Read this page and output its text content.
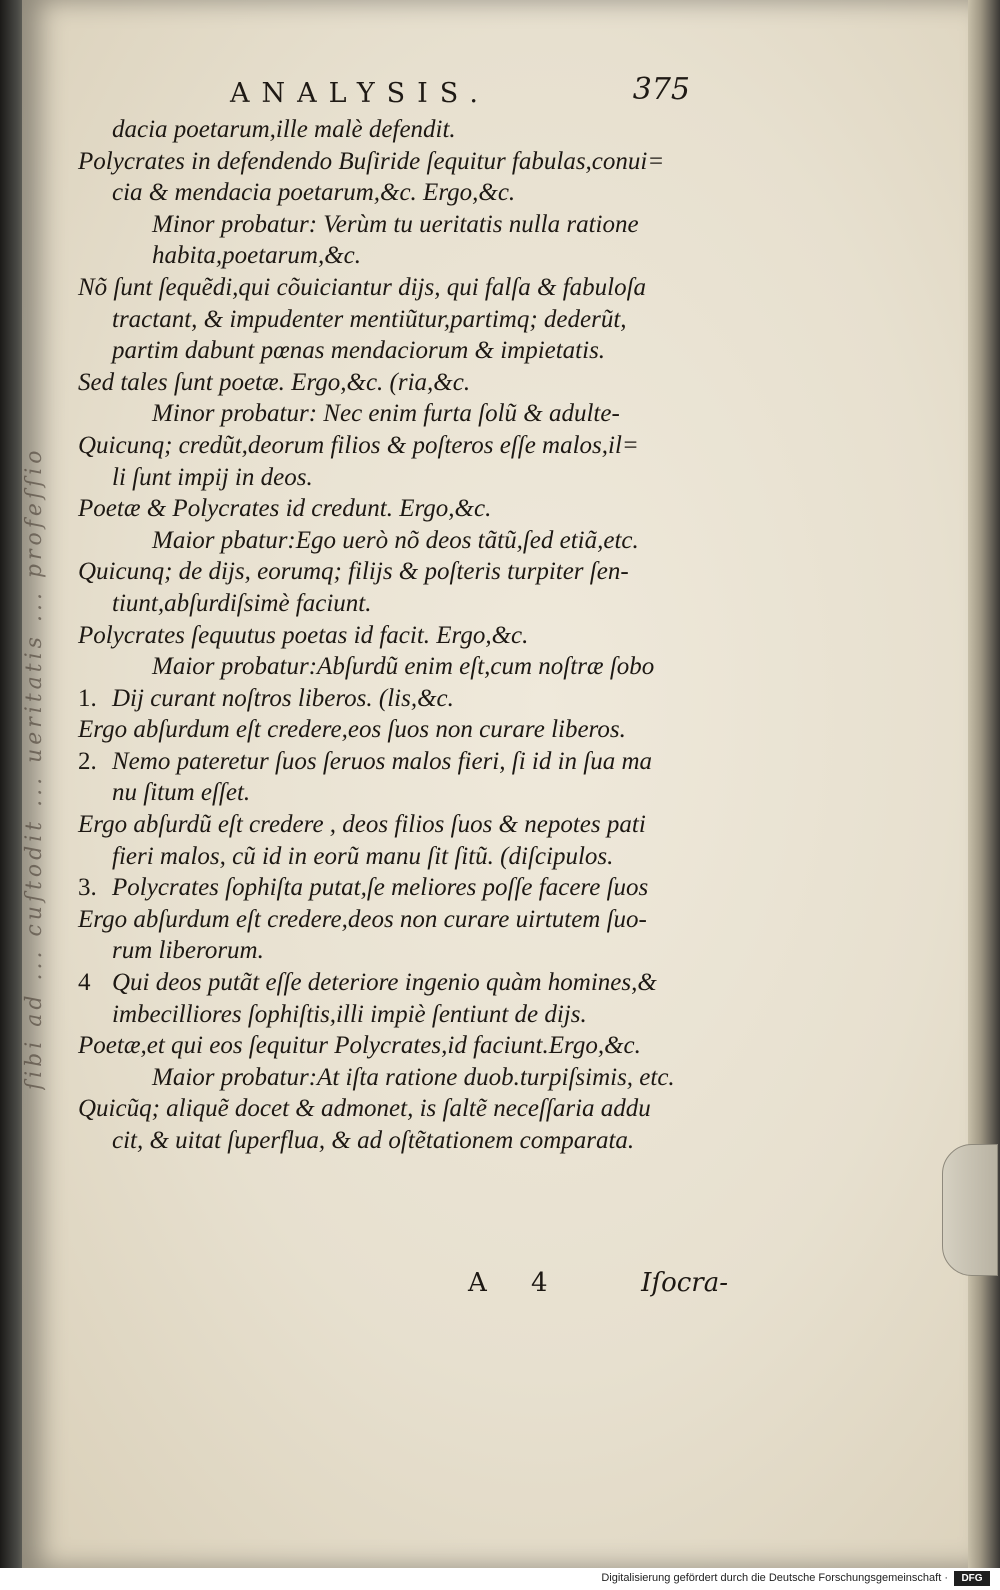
ſibi ad ... cuſtodit ... ueritatis ... profeſſio
ANALYSIS.	375
dacia poetarum,ille malè defendit.
Polycrates in defendendo Buſiride ſequitur fabulas,conui=
cia & mendacia poetarum,&c. Ergo,&c.
Minor probatur: Verùm tu ueritatis nulla ratione
habita,poetarum,&c.
Nõ ſunt ſequẽdi,qui cõuiciantur dijs, qui falſa & fabuloſa
tractant, & impudenter mentiũtur,partimq; dederũt,
partim dabunt pœnas mendaciorum & impietatis.
Sed tales ſunt poetæ. Ergo,&c. (ria,&c.
Minor probatur: Nec enim furta ſolũ & adulte-
Quicunq; credũt,deorum filios & poſteros eſſe malos,il=
li ſunt impij in deos.
Poetæ & Polycrates id credunt. Ergo,&c.
Maior pbatur:Ego uerò nõ deos tãtũ,ſed etiã,etc.
Quicunq; de dijs, eorumq; filijs & poſteris turpiter ſen-
tiunt,abſurdiſsimè faciunt.
Polycrates ſequutus poetas id facit. Ergo,&c.
Maior probatur:Abſurdũ enim eſt,cum noſtræ ſobo
1. Dij curant noſtros liberos. (lis,&c.
Ergo abſurdum eſt credere,eos ſuos non curare liberos.
2. Nemo pateretur ſuos ſeruos malos fieri, ſi id in ſua ma
nu ſitum eſſet.
Ergo abſurdũ eſt credere , deos filios ſuos & nepotes pati
fieri malos, cũ id in eorũ manu ſit ſitũ. (diſcipulos.
3. Polycrates ſophiſta putat,ſe meliores poſſe facere ſuos
Ergo abſurdum eſt credere,deos non curare uirtutem ſuo-
rum liberorum.
4 Qui deos putãt eſſe deteriore ingenio quàm homines,&
imbecilliores ſophiſtis,illi impiè ſentiunt de dijs.
Poetæ,et qui eos ſequitur Polycrates,id faciunt.Ergo,&c.
Maior probatur:At iſta ratione duob.turpiſsimis, etc.
Quicũq; aliquẽ docet & admonet, is ſaltẽ neceſſaria addu
cit, & uitat ſuperflua, & ad oſtẽtationem comparata.
A 4	Iſocra-
Digitalisierung gefördert durch die Deutsche Forschungsgemeinschaft ·	DFG
